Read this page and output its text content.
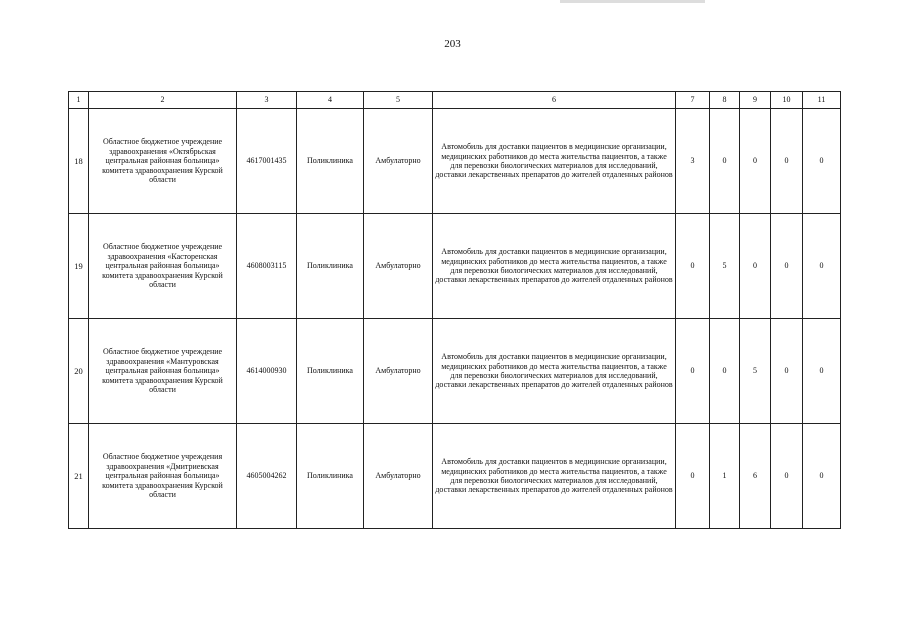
203
1	2	3	4	5	6	7	8	9	10	11
18	Областное бюджетное учреждение здравоохранения «Октябрьская центральная районная больница» комитета здравоохранения Курской области	4617001435	Поликлиника	Амбулаторно	Автомобиль для доставки пациентов в медицинские организации, медицинских работников до места жительства пациентов, а также для перевозки биологических материалов для исследований, доставки лекарственных препаратов до жителей отдаленных районов	3	0	0	0	0
19	Областное бюджетное учреждение здравоохранения «Касторенская центральная районная больница» комитета здравоохранения Курской области	4608003115	Поликлиника	Амбулаторно	Автомобиль для доставки пациентов в медицинские организации, медицинских работников до места жительства пациентов, а также для перевозки биологических материалов для исследований, доставки лекарственных препаратов до жителей отдаленных районов	0	5	0	0	0
20	Областное бюджетное учреждение здравоохранения «Мантуровская центральная районная больница» комитета здравоохранения Курской области	4614000930	Поликлиника	Амбулаторно	Автомобиль для доставки пациентов в медицинские организации, медицинских работников до места жительства пациентов, а также для перевозки биологических материалов для исследований, доставки лекарственных препаратов до жителей отдаленных районов	0	0	5	0	0
21	Областное бюджетное учреждения здравоохранения «Дмитриевская центральная районная больница» комитета здравоохранения Курской области	4605004262	Поликлиника	Амбулаторно	Автомобиль для доставки пациентов в медицинские организации, медицинских работников до места жительства пациентов, а также для перевозки биологических материалов для исследований, доставки лекарственных препаратов до жителей отдаленных районов	0	1	6	0	0
